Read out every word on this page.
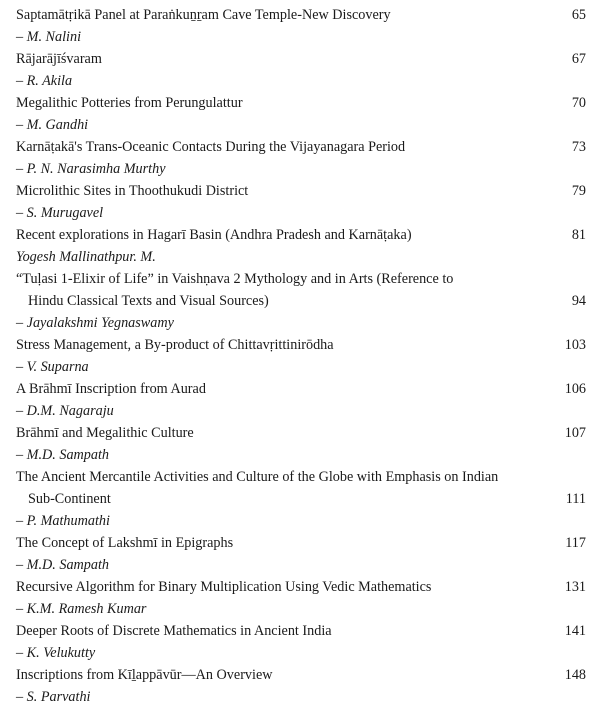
Saptamātṛikā Panel at Paraṅkuṉṟam Cave Temple-New Discovery	65
– M. Nalini
Rājarājīśvaram	67
– R. Akila
Megalithic Potteries from Perungulattur	70
– M. Gandhi
Karnāṭakā's Trans-Oceanic Contacts During the Vijayanagara Period	73
– P. N. Narasimha Murthy
Microlithic Sites in Thoothukudi District	79
– S. Murugavel
Recent explorations in Hagarī Basin (Andhra Pradesh and Karnāṭaka)	81
Yogesh Mallinathpur. M.
“Tuḷasi 1-Elixir of Life” in Vaishṇava 2 Mythology and in Arts (Reference to
Hindu Classical Texts and Visual Sources)	94
– Jayalakshmi Yegnaswamy
Stress Management, a By-product of Chittavṛittinirōdha	103
– V. Suparna
A Brāhmī Inscription from Aurad	106
– D.M. Nagaraju
Brāhmī and Megalithic Culture	107
– M.D. Sampath
The Ancient Mercantile Activities and Culture of the Globe with Emphasis on Indian
Sub-Continent	111
– P. Mathumathi
The Concept of Lakshmī in Epigraphs	117
– M.D. Sampath
Recursive Algorithm for Binary Multiplication Using Vedic Mathematics	131
– K.M. Ramesh Kumar
Deeper Roots of Discrete Mathematics in Ancient India	141
– K. Velukutty
Inscriptions from Kīḻappāvūr—An Overview	148
– S. Parvathi
